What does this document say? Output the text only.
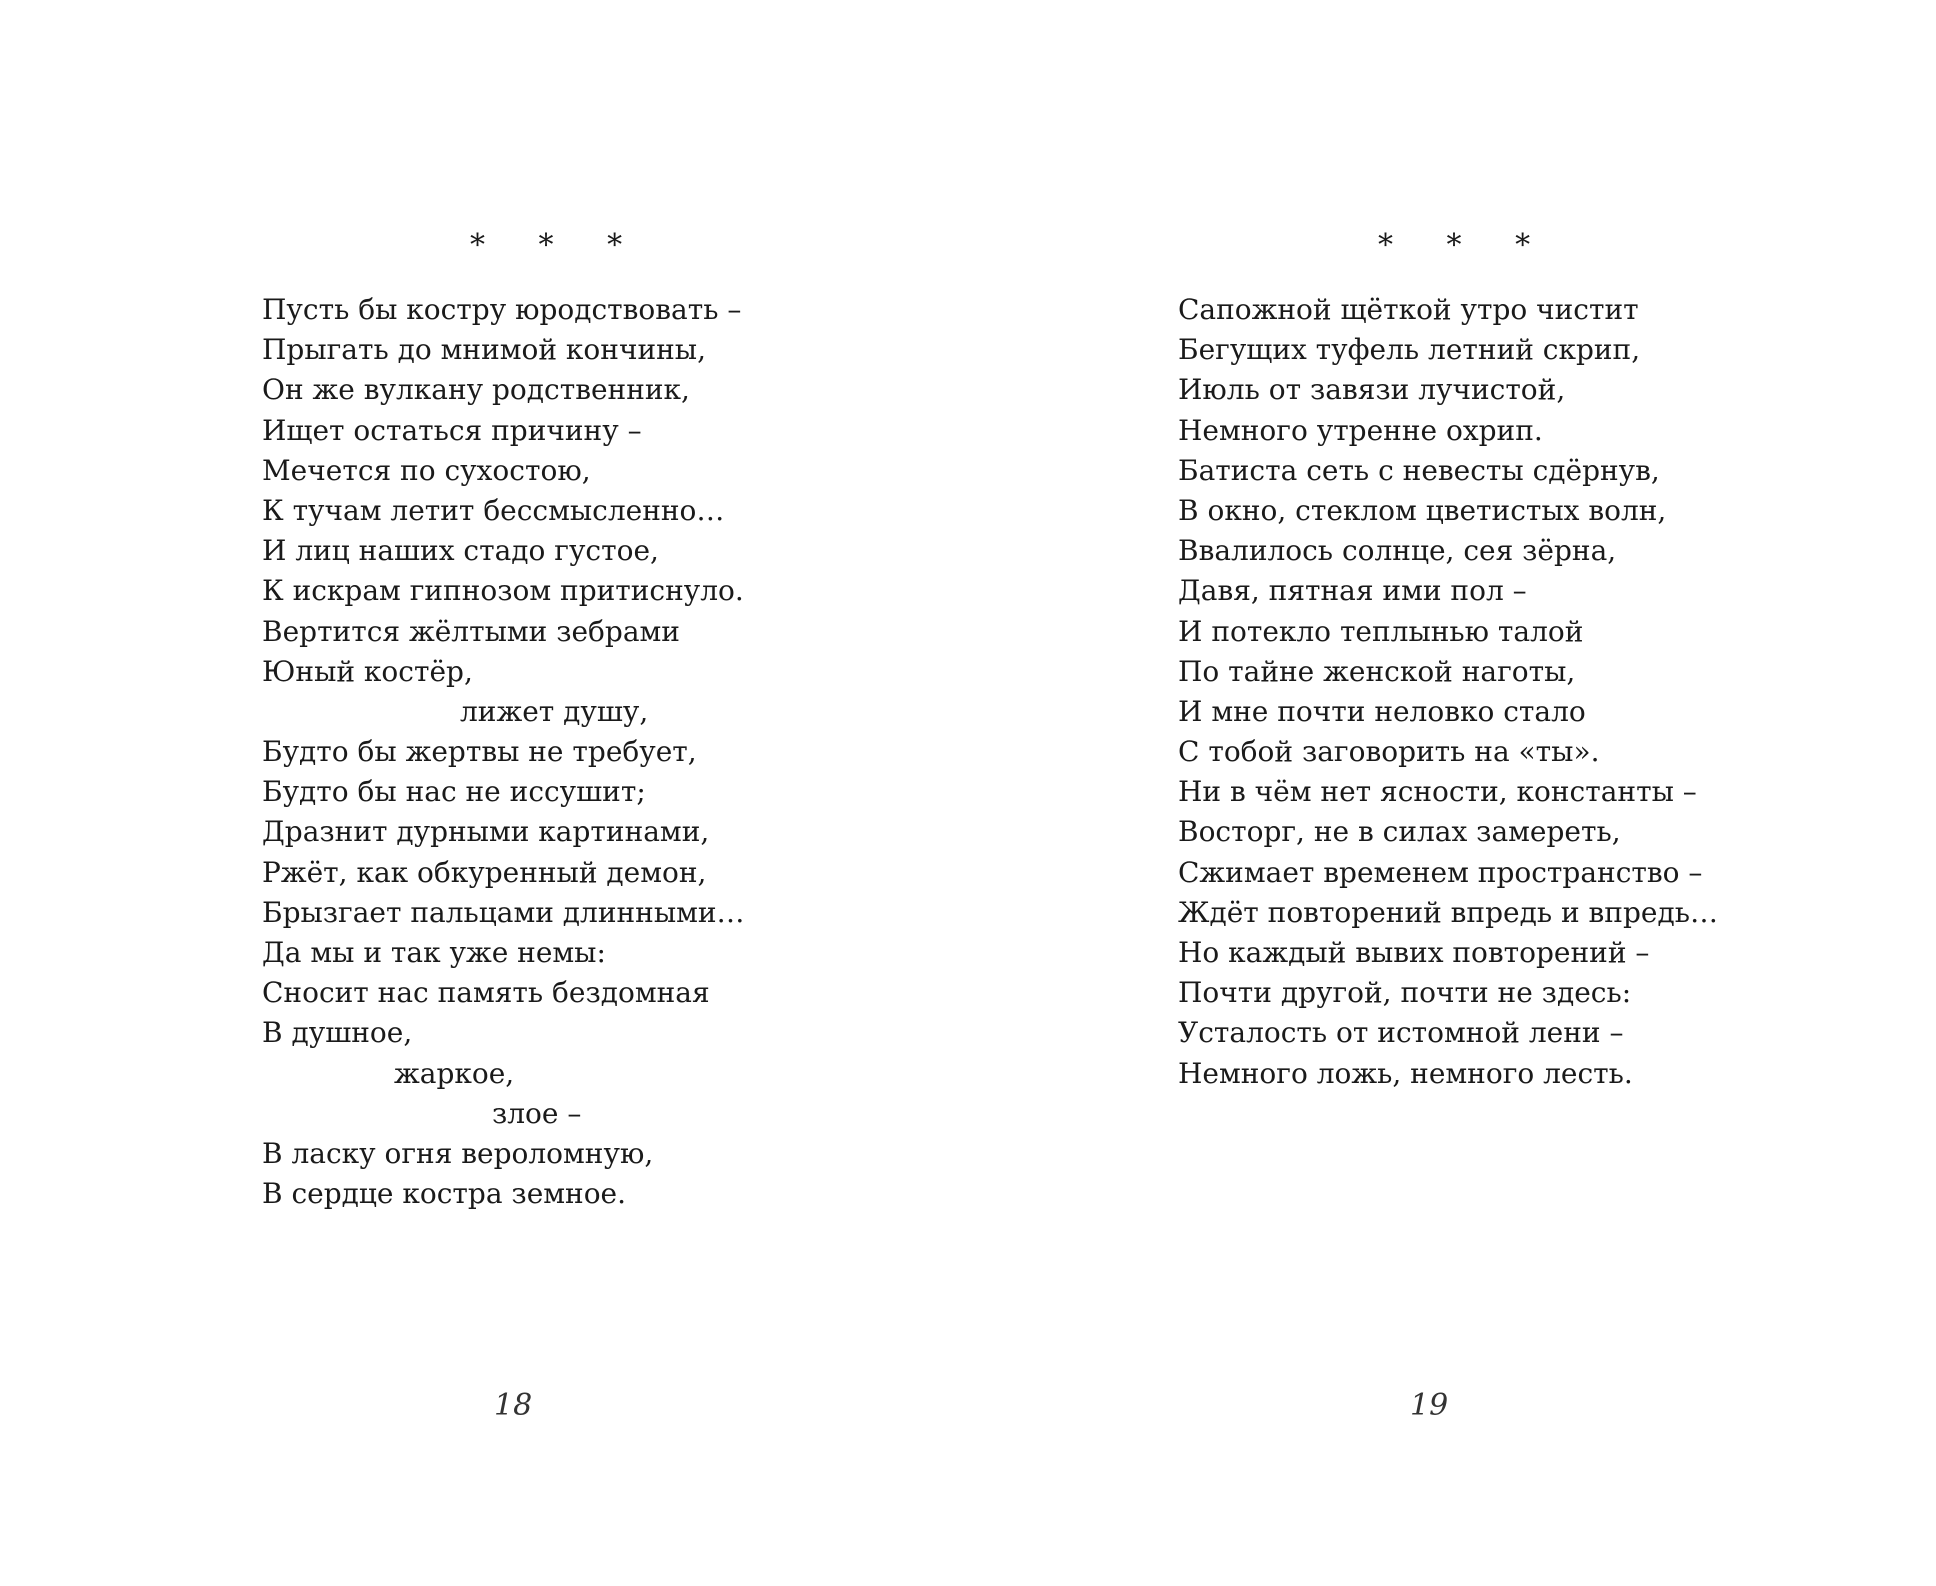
* * *
Пусть бы костру юродствовать –
Прыгать до мнимой кончины,
Он же вулкану родственник,
Ищет остаться причину –
Мечется по сухостою,
К тучам летит бессмысленно…
И лиц наших стадо густое,
К искрам гипнозом притиснуло.
Вертится жёлтыми зебрами
Юный костёр,
лижет душу,
Будто бы жертвы не требует,
Будто бы нас не иссушит;
Дразнит дурными картинами,
Ржёт, как обкуренный демон,
Брызгает пальцами длинными…
Да мы и так уже немы:
Сносит нас память бездомная
В душное,
жаркое,
злое –
В ласку огня вероломную,
В сердце костра земное.
18
* * *
Сапожной щёткой утро чистит
Бегущих туфель летний скрип,
Июль от завязи лучистой,
Немного утренне охрип.
Батиста сеть с невесты сдёрнув,
В окно, стеклом цветистых волн,
Ввалилось солнце, сея зёрна,
Давя, пятная ими пол –
И потекло теплынью талой
По тайне женской наготы,
И мне почти неловко стало
С тобой заговорить на «ты».
Ни в чём нет ясности, константы –
Восторг, не в силах замереть,
Сжимает временем пространство –
Ждёт повторений впредь и впредь…
Но каждый вывих повторений –
Почти другой, почти не здесь:
Усталость от истомной лени –
Немного ложь, немного лесть.
19
